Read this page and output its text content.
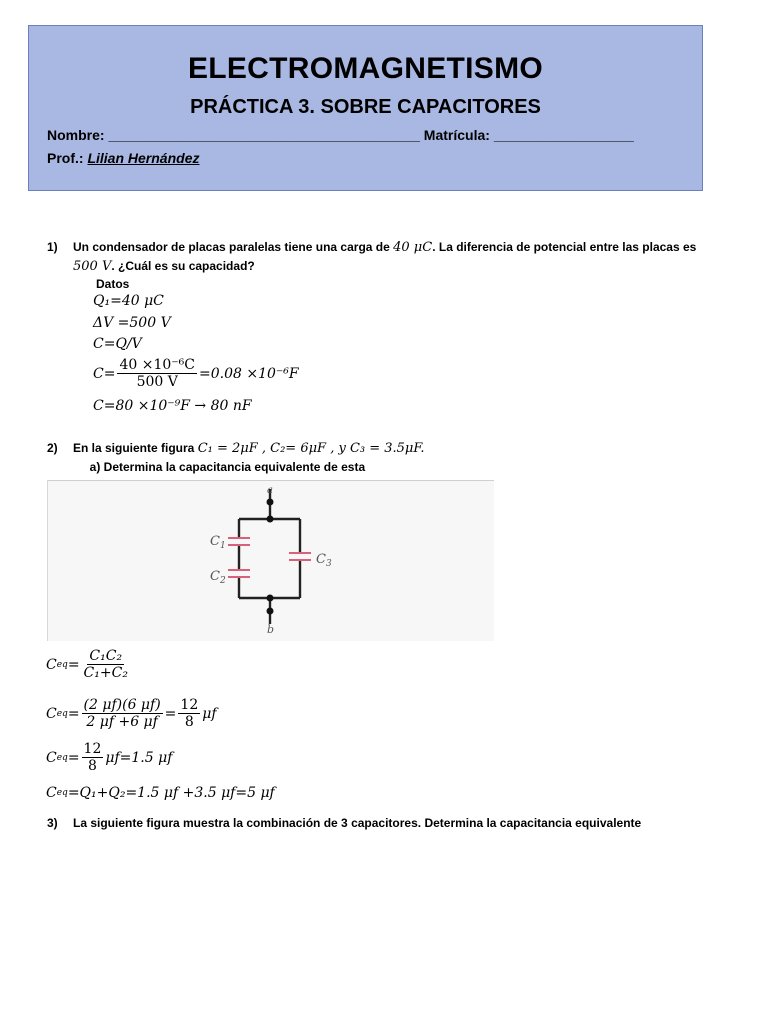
ELECTROMAGNETISMO
PRÁCTICA 3. SOBRE CAPACITORES
Nombre: ________________________________________ Matrícula: __________________
Prof.: Lilian Hernández
1) Un condensador de placas paralelas tiene una carga de 40 μC. La diferencia de potencial entre las placas es
500 V. ¿Cuál es su capacidad?
Datos
Q₁=40 μC
ΔV =500 V
C=Q/V
$C= \frac{\text{40 ×10⁻⁶C}}{500 V} =0.08 \times 10^{-6}F$
C=80 ×10⁻⁹F → 80 nF
2) En la siguiente figura C₁ = 2μF , C₂= 6μF , y C₃ = 3.5μF.     a) Determina la capacitancia equivalente de esta

a
b
C 1
C 2
C 3
C eq = $\frac{\text{C₁C₂}}{\text{C₁+C₂}}$
C eq = $\frac{(2 \mu f)(6 \mu f)}{2 \mu f +6 \mu f} = \frac{12}{8}$ μf
C eq = $\frac{12}{8} \mu f=1.5$ μf
C eq =Q₁+Q₂=1.5 μf +3.5 μf=5 μf
3) La siguiente figura muestra la combinación de 3 capacitores. Determina la capacitancia equivalente
